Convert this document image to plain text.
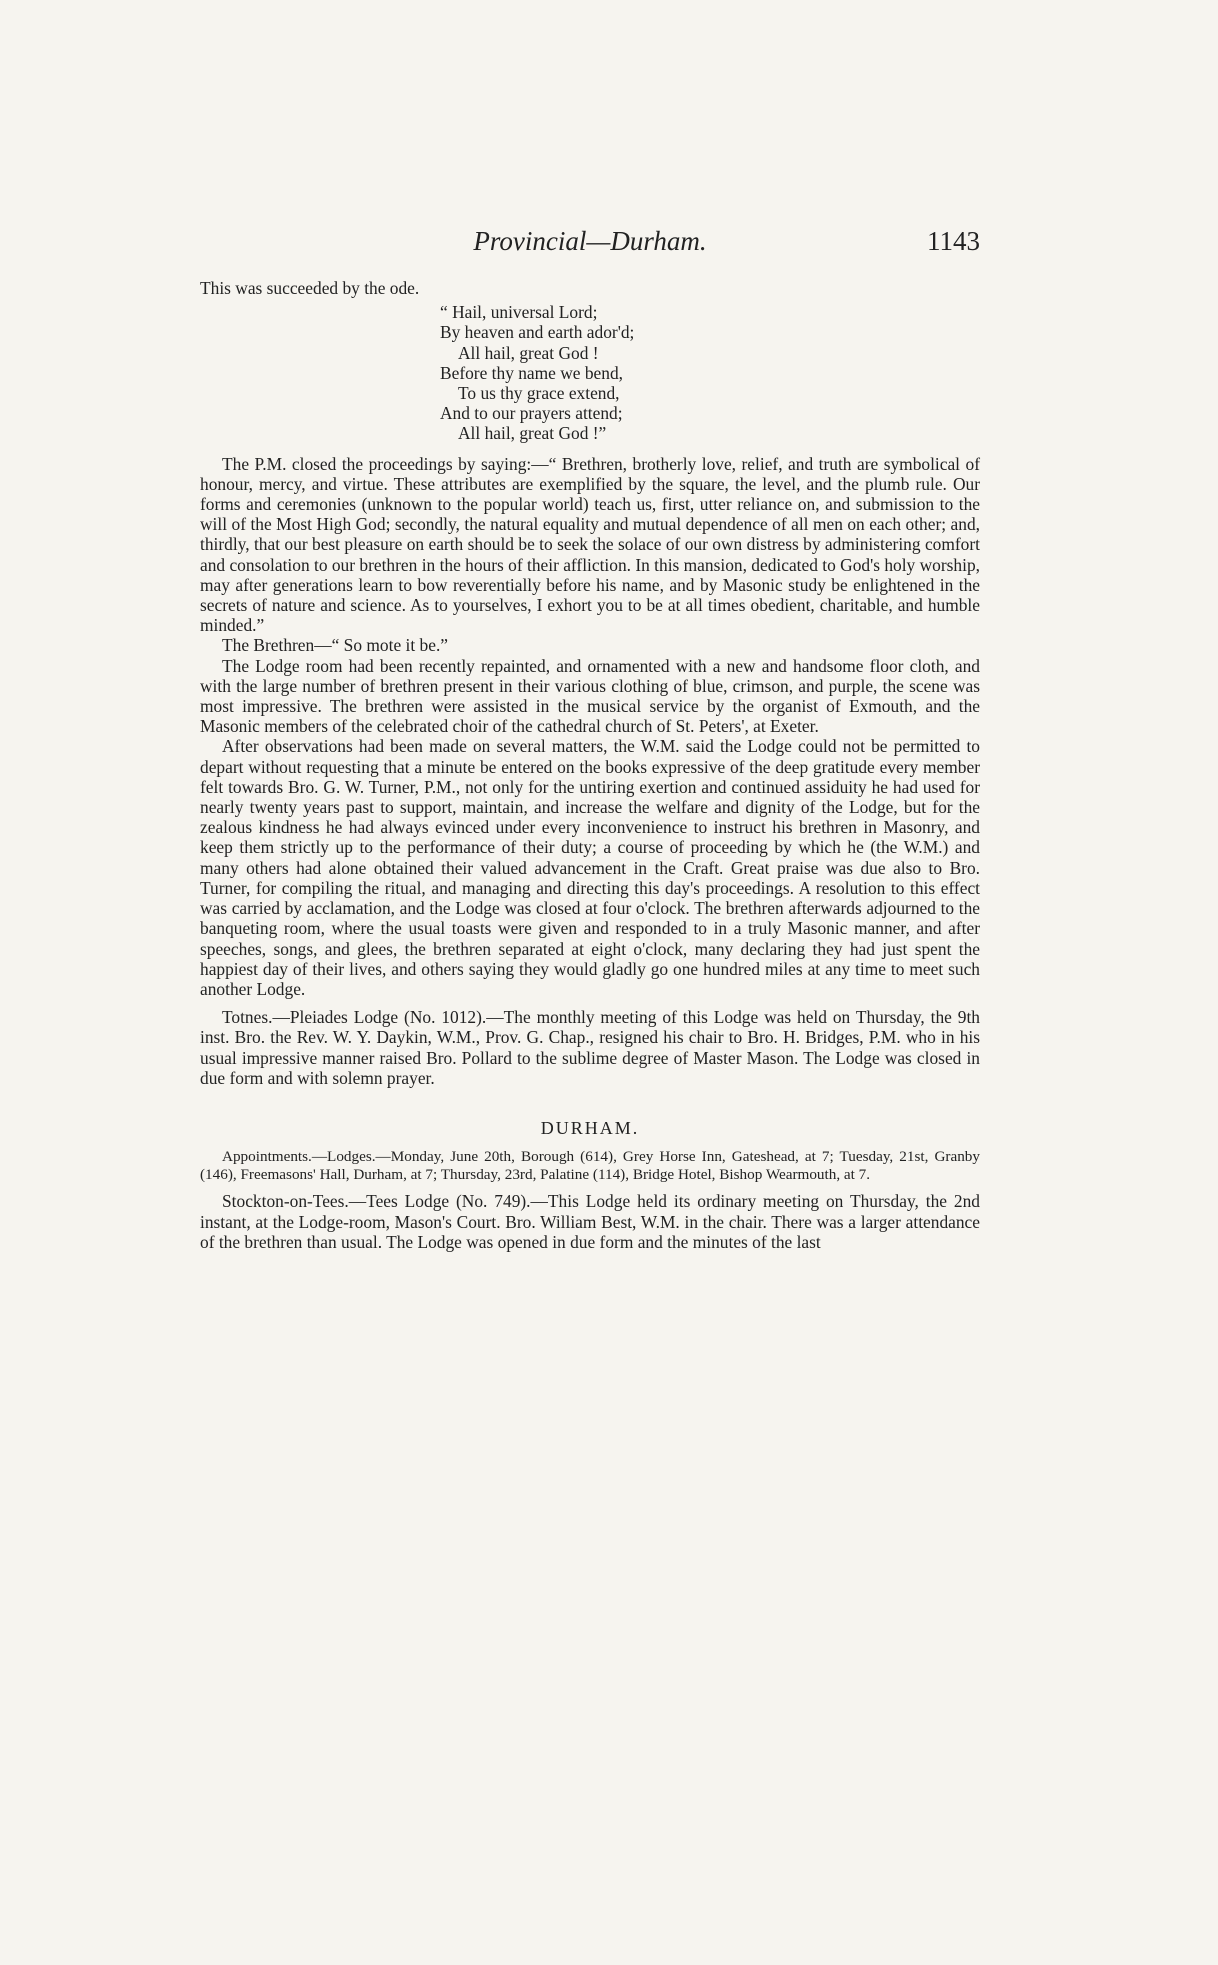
Provincial—Durham.	1143

This was succeeded by the ode.

“ Hail, universal Lord;
By heaven and earth ador'd;
All hail, great God !
Before thy name we bend,
To us thy grace extend,
And to our prayers attend;
All hail, great God !”

The P.M. closed the proceedings by saying:—“ Brethren, brotherly love, relief, and truth are symbolical of honour, mercy, and virtue. These attributes are exemplified by the square, the level, and the plumb rule. Our forms and ceremonies (unknown to the popular world) teach us, first, utter reliance on, and submission to the will of the Most High God; secondly, the natural equality and mutual dependence of all men on each other; and, thirdly, that our best pleasure on earth should be to seek the solace of our own distress by administering comfort and consolation to our brethren in the hours of their affliction. In this mansion, dedicated to God's holy worship, may after generations learn to bow reverentially before his name, and by Masonic study be enlightened in the secrets of nature and science. As to yourselves, I exhort you to be at all times obedient, charitable, and humble minded.”

The Brethren—“ So mote it be.”

The Lodge room had been recently repainted, and ornamented with a new and handsome floor cloth, and with the large number of brethren present in their various clothing of blue, crimson, and purple, the scene was most impressive. The brethren were assisted in the musical service by the organist of Exmouth, and the Masonic members of the celebrated choir of the cathedral church of St. Peters', at Exeter.

After observations had been made on several matters, the W.M. said the Lodge could not be permitted to depart without requesting that a minute be entered on the books expressive of the deep gratitude every member felt towards Bro. G. W. Turner, P.M., not only for the untiring exertion and continued assiduity he had used for nearly twenty years past to support, maintain, and increase the welfare and dignity of the Lodge, but for the zealous kindness he had always evinced under every inconvenience to instruct his brethren in Masonry, and keep them strictly up to the performance of their duty; a course of proceeding by which he (the W.M.) and many others had alone obtained their valued advancement in the Craft. Great praise was due also to Bro. Turner, for compiling the ritual, and managing and directing this day's proceedings. A resolution to this effect was carried by acclamation, and the Lodge was closed at four o'clock. The brethren afterwards adjourned to the banqueting room, where the usual toasts were given and responded to in a truly Masonic manner, and after speeches, songs, and glees, the brethren separated at eight o'clock, many declaring they had just spent the happiest day of their lives, and others saying they would gladly go one hundred miles at any time to meet such another Lodge.

Totnes.—Pleiades Lodge (No. 1012).—The monthly meeting of this Lodge was held on Thursday, the 9th inst. Bro. the Rev. W. Y. Daykin, W.M., Prov. G. Chap., resigned his chair to Bro. H. Bridges, P.M. who in his usual impressive manner raised Bro. Pollard to the sublime degree of Master Mason. The Lodge was closed in due form and with solemn prayer.

DURHAM.

Appointments.—Lodges.—Monday, June 20th, Borough (614), Grey Horse Inn, Gateshead, at 7; Tuesday, 21st, Granby (146), Freemasons' Hall, Durham, at 7; Thursday, 23rd, Palatine (114), Bridge Hotel, Bishop Wearmouth, at 7.

Stockton-on-Tees.—Tees Lodge (No. 749).—This Lodge held its ordinary meeting on Thursday, the 2nd instant, at the Lodge-room, Mason's Court. Bro. William Best, W.M. in the chair. There was a larger attendance of the brethren than usual. The Lodge was opened in due form and the minutes of the last
